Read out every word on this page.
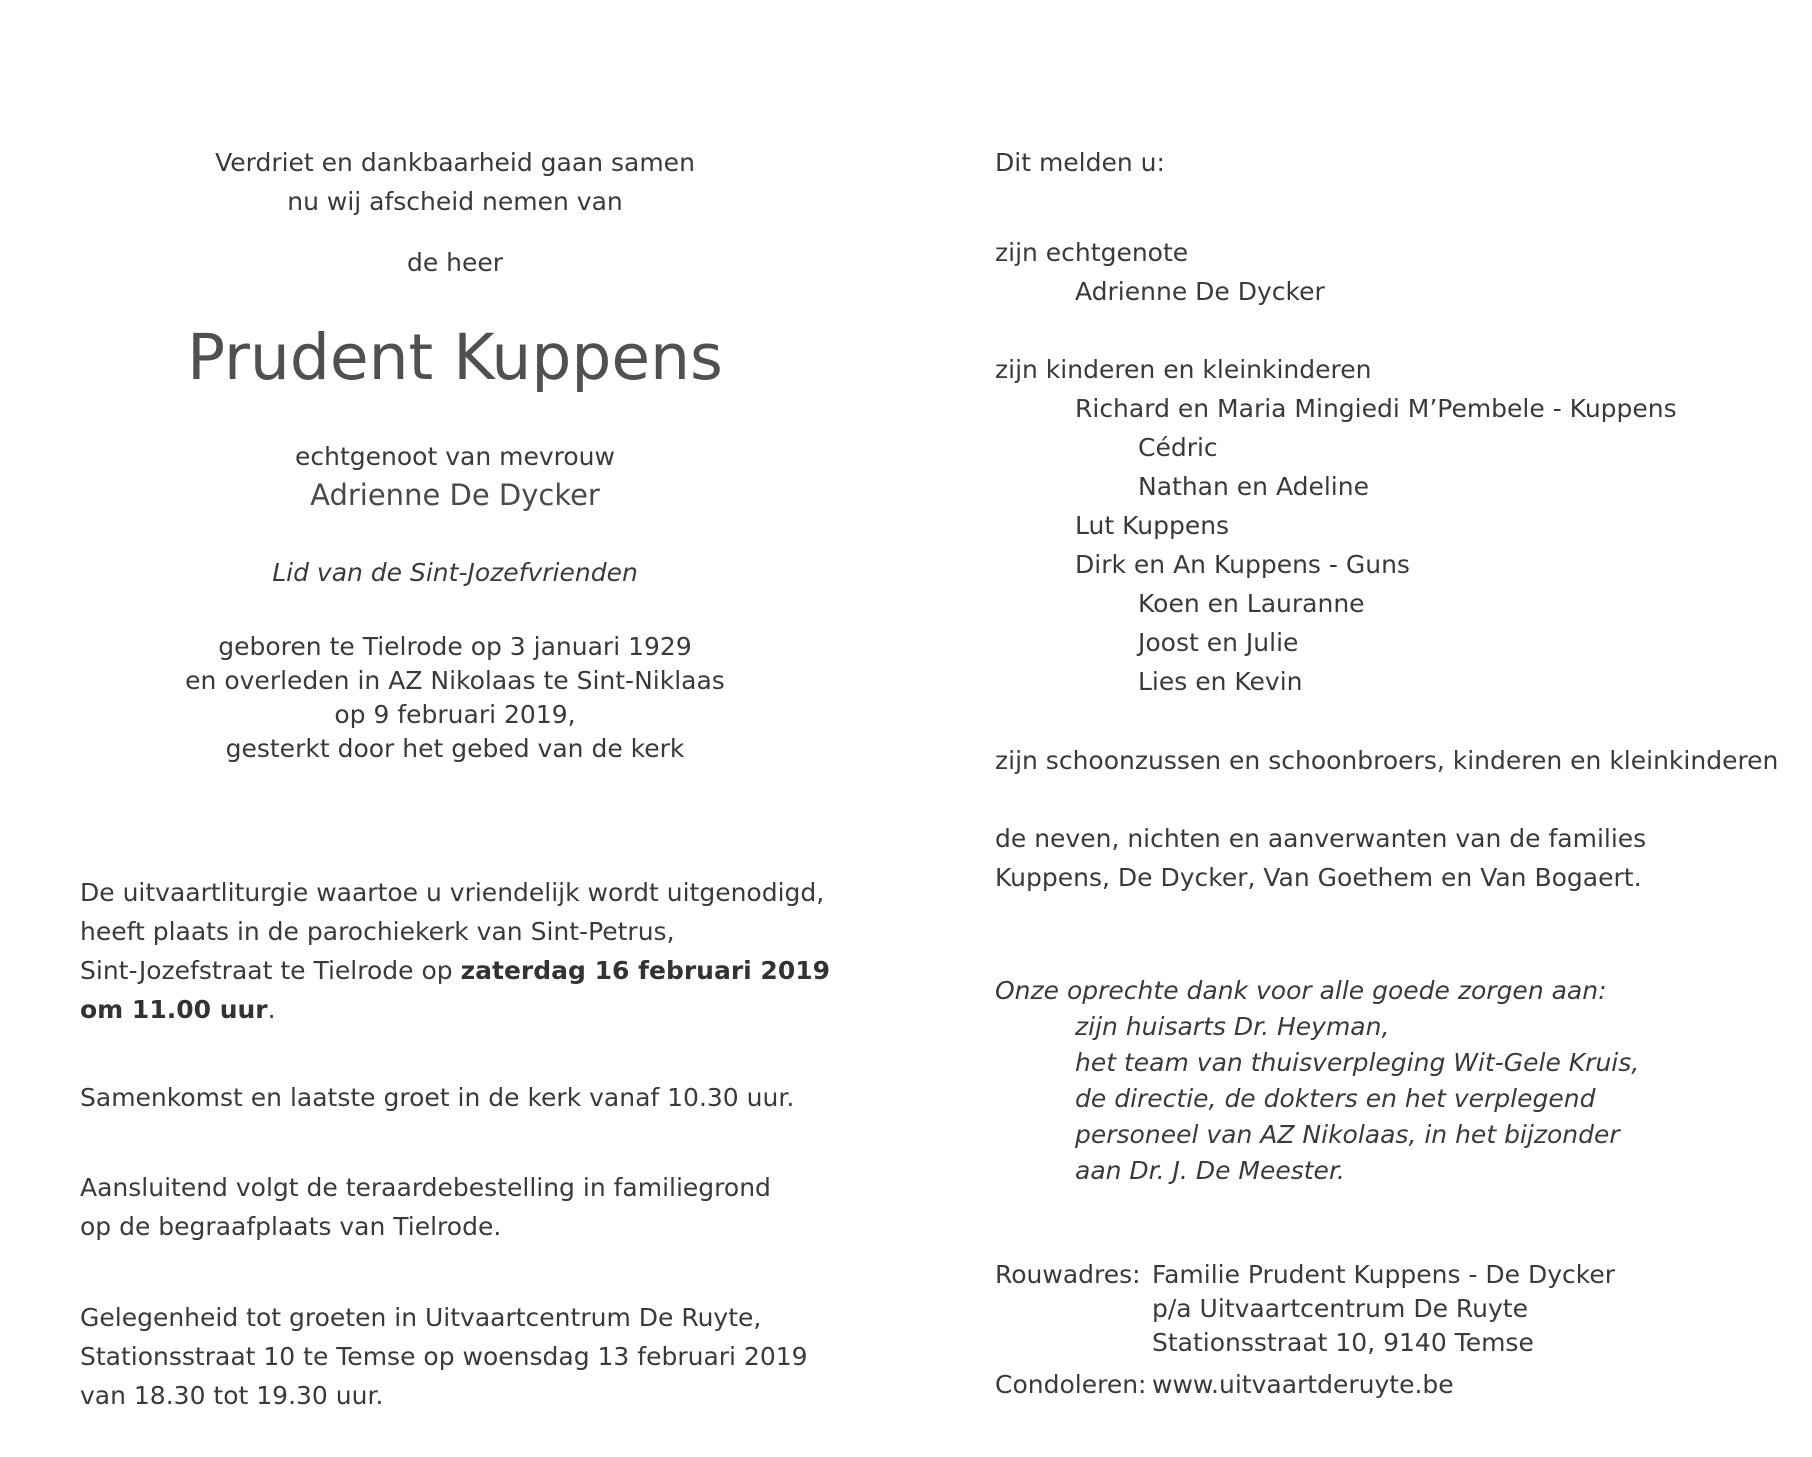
Verdriet en dankbaarheid gaan samen
nu wij afscheid nemen van
de heer
Prudent Kuppens
echtgenoot van mevrouw
Adrienne De Dycker
Lid van de Sint-Jozefvrienden
geboren te Tielrode op 3 januari 1929
en overleden in AZ Nikolaas te Sint-Niklaas
op 9 februari 2019,
gesterkt door het gebed van de kerk
De uitvaartliturgie waartoe u vriendelijk wordt uitgenodigd,
heeft plaats in de parochiekerk van Sint-Petrus,
Sint-Jozefstraat te Tielrode op zaterdag 16 februari 2019
om 11.00 uur.
Samenkomst en laatste groet in de kerk vanaf 10.30 uur.
Aansluitend volgt de teraardebestelling in familiegrond
op de begraafplaats van Tielrode.
Gelegenheid tot groeten in Uitvaartcentrum De Ruyte,
Stationsstraat 10 te Temse op woensdag 13 februari 2019
van 18.30 tot 19.30 uur.
Dit melden u:
zijn echtgenote
Adrienne De Dycker
zijn kinderen en kleinkinderen
Richard en Maria Mingiedi M’Pembele - Kuppens
Cédric
Nathan en Adeline
Lut Kuppens
Dirk en An Kuppens - Guns
Koen en Lauranne
Joost en Julie
Lies en Kevin
zijn schoonzussen en schoonbroers, kinderen en kleinkinderen
de neven, nichten en aanverwanten van de families
Kuppens, De Dycker, Van Goethem en Van Bogaert.
Onze oprechte dank voor alle goede zorgen aan:
zijn huisarts Dr. Heyman,
het team van thuisverpleging Wit-Gele Kruis,
de directie, de dokters en het verplegend
personeel van AZ Nikolaas, in het bijzonder
aan Dr. J. De Meester.
Rouwadres: Familie Prudent Kuppens - De Dycker
p/a Uitvaartcentrum De Ruyte
Stationsstraat 10, 9140 Temse
Condoleren: www.uitvaartderuyte.be
